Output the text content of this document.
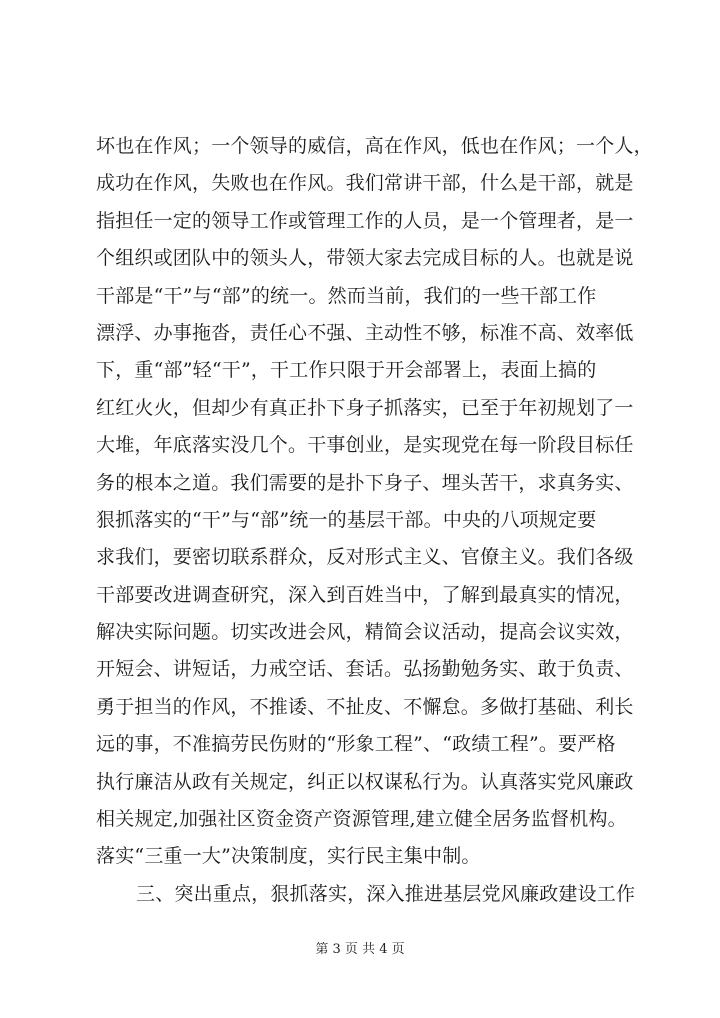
坏也在作风；一个领导的威信，高在作风，低也在作风；一个人，
成功在作风，失败也在作风。我们常讲干部，什么是干部，就是
指担任一定的领导工作或管理工作的人员，是一个管理者，是一
个组织或团队中的领头人，带领大家去完成目标的人。也就是说
干部是“干”与“部”的统一。然而当前，我们的一些干部工作
漂浮、办事拖沓，责任心不强、主动性不够，标准不高、效率低
下，重“部”轻“干”，干工作只限于开会部署上，表面上搞的
红红火火，但却少有真正扑下身子抓落实，已至于年初规划了一
大堆，年底落实没几个。干事创业，是实现党在每一阶段目标任
务的根本之道。我们需要的是扑下身子、埋头苦干，求真务实、
狠抓落实的“干”与“部”统一的基层干部。中央的八项规定要
求我们，要密切联系群众，反对形式主义、官僚主义。我们各级
干部要改进调查研究，深入到百姓当中，了解到最真实的情况，
解决实际问题。切实改进会风，精简会议活动，提高会议实效，
开短会、讲短话，力戒空话、套话。弘扬勤勉务实、敢于负责、
勇于担当的作风，不推诿、不扯皮、不懈怠。多做打基础、利长
远的事，不准搞劳民伤财的“形象工程”、“政绩工程”。要严格
执行廉洁从政有关规定，纠正以权谋私行为。认真落实党风廉政
相关规定,加强社区资金资产资源管理,建立健全居务监督机构。
落实“三重一大”决策制度，实行民主集中制。
三、突出重点，狠抓落实，深入推进基层党风廉政建设工作
第 3 页 共 4 页
